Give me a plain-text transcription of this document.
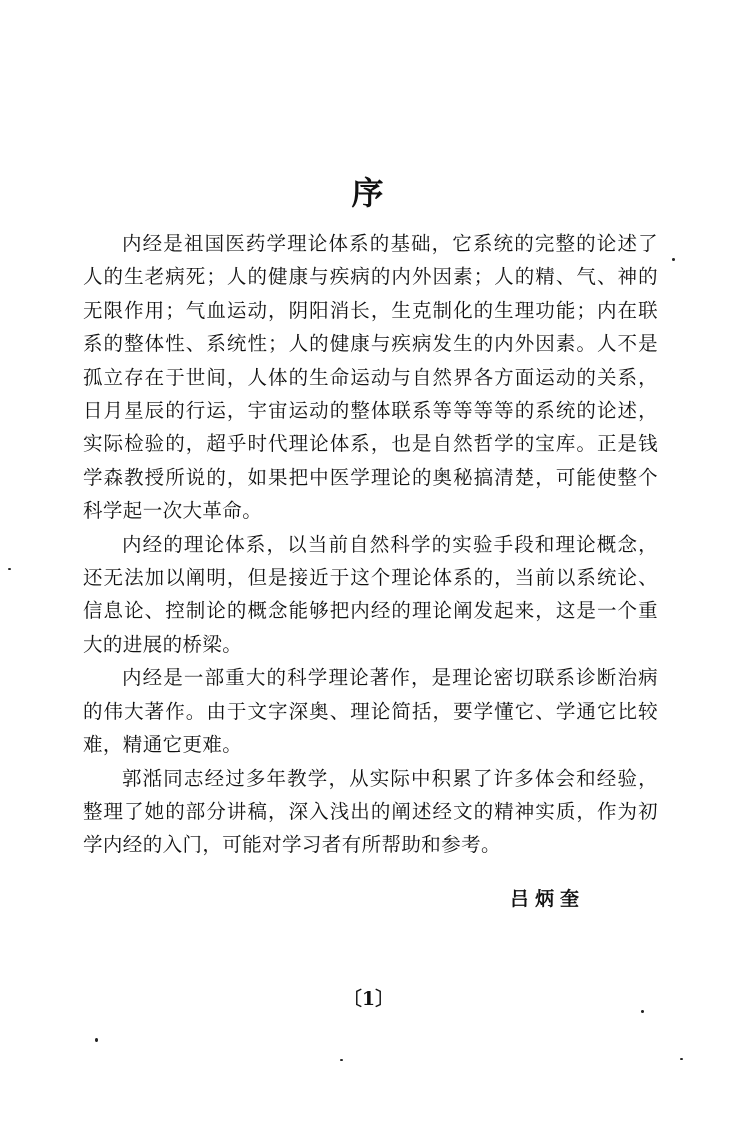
序

内经是祖国医药学理论体系的基础，它系统的完整的论述了人的生老病死；人的健康与疾病的内外因素；人的精、气、神的无限作用；气血运动，阴阳消长，生克制化的生理功能；内在联系的整体性、系统性；人的健康与疾病发生的内外因素。人不是孤立存在于世间，人体的生命运动与自然界各方面运动的关系，日月星辰的行运，宇宙运动的整体联系等等等等的系统的论述，实际检验的，超乎时代理论体系，也是自然哲学的宝库。正是钱学森教授所说的，如果把中医学理论的奥秘搞清楚，可能使整个科学起一次大革命。

内经的理论体系，以当前自然科学的实验手段和理论概念，还无法加以阐明，但是接近于这个理论体系的，当前以系统论、信息论、控制论的概念能够把内经的理论阐发起来，这是一个重大的进展的桥梁。

内经是一部重大的科学理论著作，是理论密切联系诊断治病的伟大著作。由于文字深奥、理论简括，要学懂它、学通它比较难，精通它更难。

郭湉同志经过多年教学，从实际中积累了许多体会和经验，整理了她的部分讲稿，深入浅出的阐述经文的精神实质，作为初学内经的入门，可能对学习者有所帮助和参考。

吕炳奎
〔1〕
